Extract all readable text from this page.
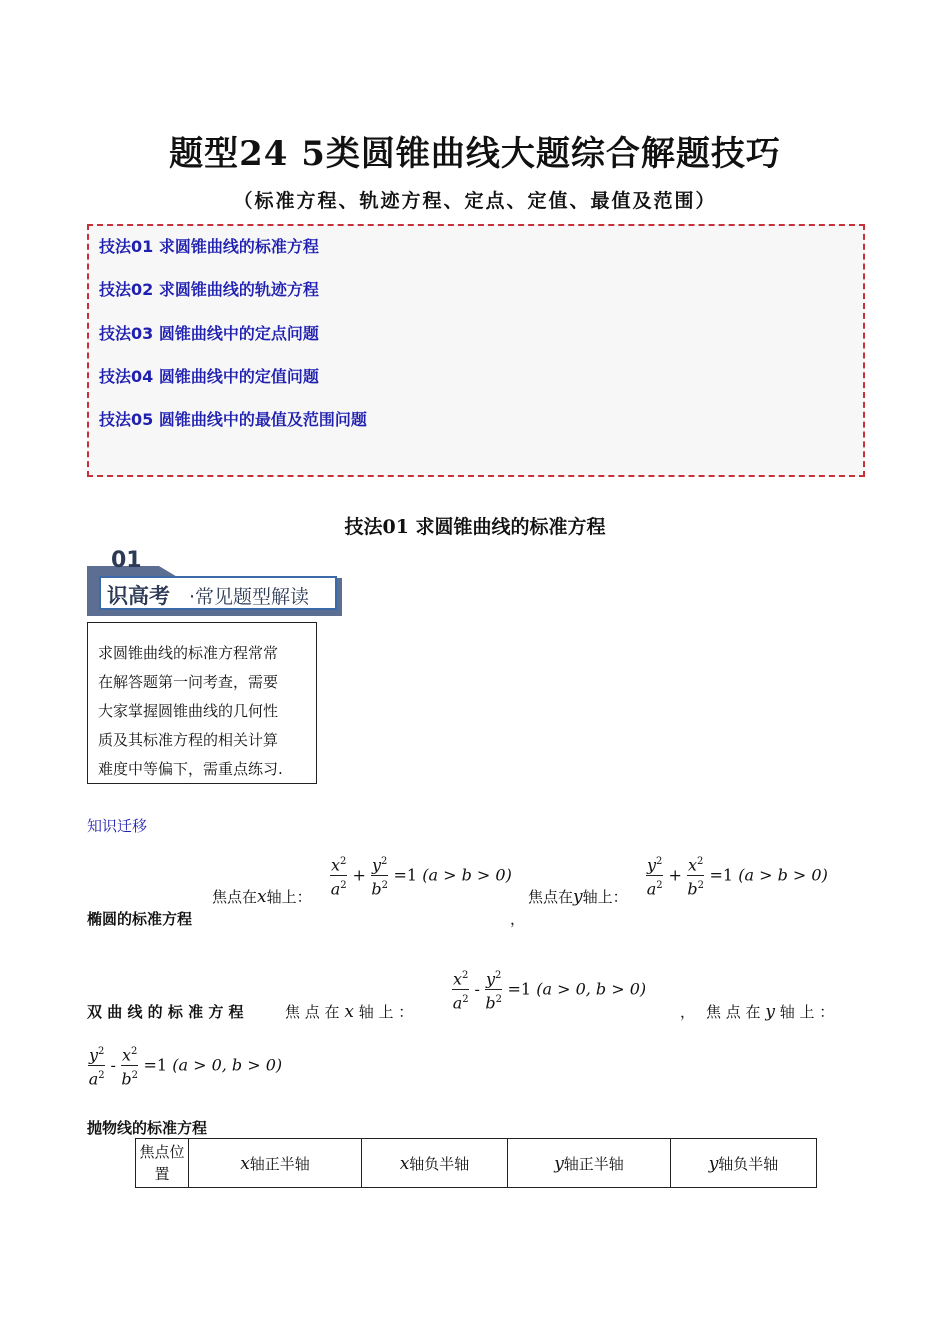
题型24 5类圆锥曲线大题综合解题技巧
（标准方程、轨迹方程、定点、定值、最值及范围）
技法01 求圆锥曲线的标准方程
技法02 求圆锥曲线的轨迹方程
技法03 圆锥曲线中的定点问题
技法04 圆锥曲线中的定值问题
技法05 圆锥曲线中的最值及范围问题
技法01 求圆锥曲线的标准方程
01
识高考 ·常见题型解读
求圆锥曲线的标准方程常常
在解答题第一问考查，需要
大家掌握圆锥曲线的几何性
质及其标准方程的相关计算
难度中等偏下，需重点练习.
知识迁移
椭圆的标准方程
焦点在x轴上： $\frac{x^2}{a^2} + \frac{y^2}{b^2} =1$ (a > b > 0)
，
焦点在y轴上： $\frac{y^2}{a^2} + \frac{x^2}{b^2} =1$ (a > b > 0)
双 曲 线 的 标 准 方 程	焦 点 在 x 轴 上 ： $\frac{x^2}{a^2} - \frac{y^2}{b^2} =1$ (a > 0, b > 0)
， 焦 点 在 y 轴 上 ：
$\frac{y^2}{a^2} - \frac{x^2}{b^2} =1$ (a > 0, b > 0)
抛物线的标准方程
焦点位置	x轴正半轴	x轴负半轴	y轴正半轴	y轴负半轴
